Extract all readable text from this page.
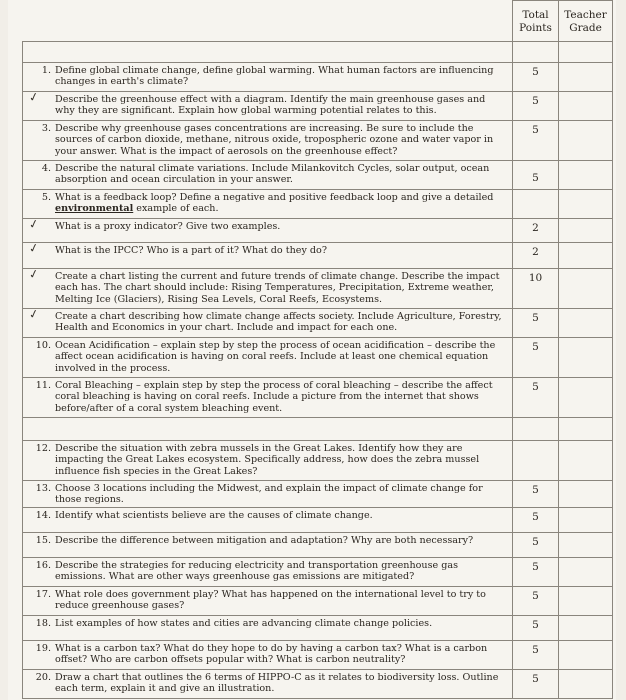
	Total Points	Teacher Grade

1. Define global climate change, define global warming. What human factors are influencing changes in earth's climate?	5	

✓ Describe the greenhouse effect with a diagram. Identify the main greenhouse gases and why they are significant. Explain how global warming potential relates to this.	5	

3. Describe why greenhouse gases concentrations are increasing. Be sure to include the sources of carbon dioxide, methane, nitrous oxide, tropospheric ozone and water vapor in your answer. What is the impact of aerosols on the greenhouse effect?	5	

4. Describe the natural climate variations. Include Milankovitch Cycles, solar output, ocean absorption and ocean circulation in your answer.	5	

5. What is a feedback loop? Define a negative and positive feedback loop and give a detailed environmental example of each.		

✓ What is a proxy indicator? Give two examples.	2	

✓ What is the IPCC? Who is a part of it? What do they do?	2	

✓ Create a chart listing the current and future trends of climate change. Describe the impact each has. The chart should include: Rising Temperatures, Precipitation, Extreme weather, Melting Ice (Glaciers), Rising Sea Levels, Coral Reefs, Ecosystems.	10	

✓ Create a chart describing how climate change affects society. Include Agriculture, Forestry, Health and Economics in your chart. Include and impact for each one.	5	

10. Ocean Acidification – explain step by step the process of ocean acidification – describe the affect ocean acidification is having on coral reefs. Include at least one chemical equation involved in the process.	5	

11. Coral Bleaching – explain step by step the process of coral bleaching – describe the affect coral bleaching is having on coral reefs. Include a picture from the internet that shows before/after of a coral system bleaching event.	5	

12. Describe the situation with zebra mussels in the Great Lakes. Identify how they are impacting the Great Lakes ecosystem. Specifically address, how does the zebra mussel influence fish species in the Great Lakes?		

13. Choose 3 locations including the Midwest, and explain the impact of climate change for those regions.	5	

14. Identify what scientists believe are the causes of climate change.	5	

15. Describe the difference between mitigation and adaptation? Why are both necessary?	5	

16. Describe the strategies for reducing electricity and transportation greenhouse gas emissions. What are other ways greenhouse gas emissions are mitigated?	5	

17. What role does government play? What has happened on the international level to try to reduce greenhouse gases?	5	

18. List examples of how states and cities are advancing climate change policies.	5	

19. What is a carbon tax? What do they hope to do by having a carbon tax? What is a carbon offset? Who are carbon offsets popular with? What is carbon neutrality?	5	

20. Draw a chart that outlines the 6 terms of HIPPO-C as it relates to biodiversity loss. Outline each term, explain it and give an illustration.	5	
